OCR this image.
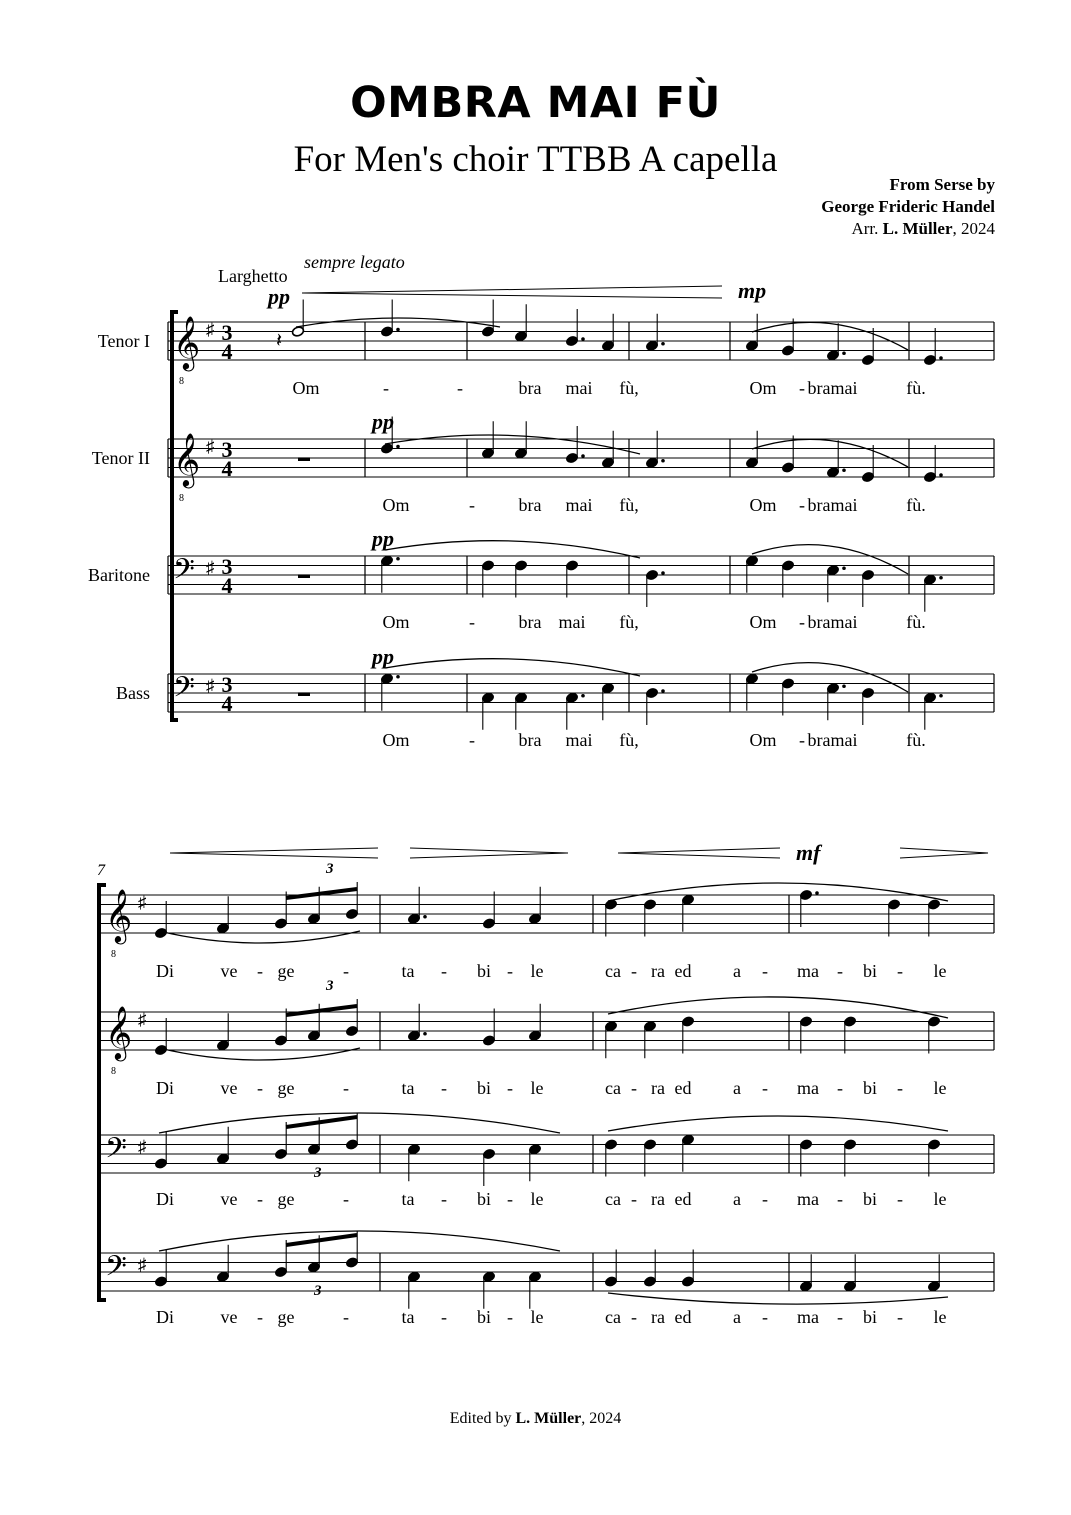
OMBRA MAI FÙ
For Men's choir TTBB A capella
From Serse by
George Frideric Handel
Arr. L. Müller, 2024
𝄞
8
♯ 3
4
Tenor I
𝄞
8
♯ 3
4
Tenor II
𝄢 ♯ 3
4
Baritone
𝄢 ♯ 3
4
Bass
Larghetto
sempre legato
pp	mp
pp
pp
pp
𝄽
Om	-	-	bra mai fù,	Om - bra mai	fù.
▬
Om	- bra mai fù,	Om - bra mai	fù.
▬
Om	- bra mai fù,	Om - bra mai	fù.
▬
Om	- bra mai fù,	Om - bra mai	fù.
7
𝄞
8
♯
𝄞
8
♯
𝄢 ♯
𝄢 ♯
mf
3
Di	ve - ge	-	ta - bi - le	ca - ra ed a - ma - bi - le
3
Di	ve - ge	-	ta - bi - le	ca - ra ed a - ma - bi - le
3
Di	ve - ge	-	ta - bi - le	ca - ra ed a - ma - bi - le
3
Di	ve - ge	-	ta - bi - le	ca - ra ed a - ma - bi - le
Edited by L. Müller, 2024
